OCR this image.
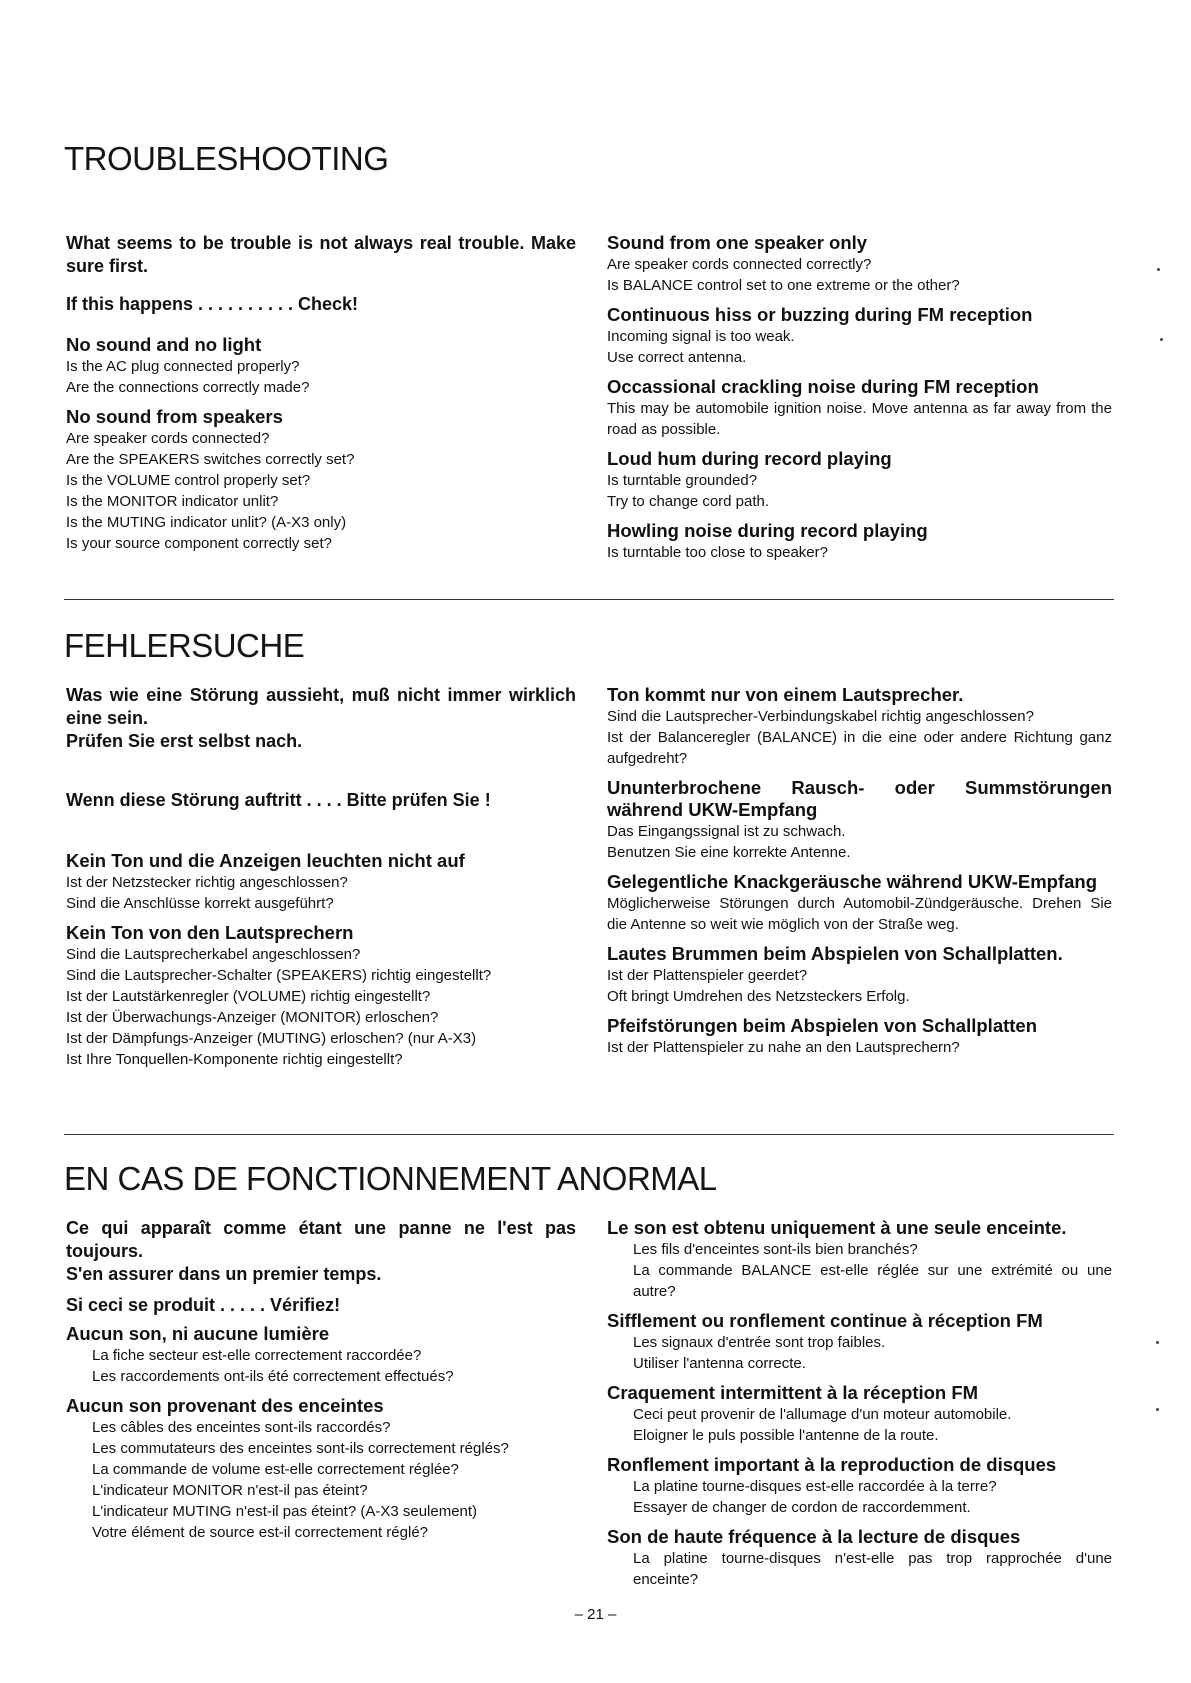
TROUBLESHOOTING

What seems to be trouble is not always real trouble. Make sure first.

If this happens . . . . . . . . . . Check!

No sound and no light

Is the AC plug connected properly?

Are the connections correctly made?

No sound from speakers

Are speaker cords connected?

Are the SPEAKERS switches correctly set?

Is the VOLUME control properly set?

Is the MONITOR indicator unlit?

Is the MUTING indicator unlit? (A-X3 only)

Is your source component correctly set?

Sound from one speaker only

Are speaker cords connected correctly?

Is BALANCE control set to one extreme or the other?

Continuous hiss or buzzing during FM reception

Incoming signal is too weak.

Use correct antenna.

Occassional crackling noise during FM reception

This may be automobile ignition noise. Move antenna as far away from the road as possible.

Loud hum during record playing

Is turntable grounded?

Try to change cord path.

Howling noise during record playing

Is turntable too close to speaker?

FEHLERSUCHE

Was wie eine Störung aussieht, muß nicht immer wirklich eine sein.

Prüfen Sie erst selbst nach.

Wenn diese Störung auftritt . . . . Bitte prüfen Sie !

Kein Ton und die Anzeigen leuchten nicht auf

Ist der Netzstecker richtig angeschlossen?

Sind die Anschlüsse korrekt ausgeführt?

Kein Ton von den Lautsprechern

Sind die Lautsprecherkabel angeschlossen?

Sind die Lautsprecher-Schalter (SPEAKERS) richtig eingestellt?

Ist der Lautstärkenregler (VOLUME) richtig eingestellt?

Ist der Überwachungs-Anzeiger (MONITOR) erloschen?

Ist der Dämpfungs-Anzeiger (MUTING) erloschen? (nur A-X3)

Ist Ihre Tonquellen-Komponente richtig eingestellt?

Ton kommt nur von einem Lautsprecher.

Sind die Lautsprecher-Verbindungskabel richtig angeschlossen?

Ist der Balanceregler (BALANCE) in die eine oder andere Richtung ganz aufgedreht?

Ununterbrochene Rausch- oder Summstörungen während UKW-Empfang

Das Eingangssignal ist zu schwach.

Benutzen Sie eine korrekte Antenne.

Gelegentliche Knackgeräusche während UKW-Empfang

Möglicherweise Störungen durch Automobil-Zündgeräusche. Drehen Sie die Antenne so weit wie möglich von der Straße weg.

Lautes Brummen beim Abspielen von Schallplatten.

Ist der Plattenspieler geerdet?

Oft bringt Umdrehen des Netzsteckers Erfolg.

Pfeifstörungen beim Abspielen von Schallplatten

Ist der Plattenspieler zu nahe an den Lautsprechern?

EN CAS DE FONCTIONNEMENT ANORMAL

Ce qui apparaît comme étant une panne ne l'est pas toujours.

S'en assurer dans un premier temps.

Si ceci se produit . . . . . Vérifiez!

Aucun son, ni aucune lumière

La fiche secteur est-elle correctement raccordée?

Les raccordements ont-ils été correctement effectués?

Aucun son provenant des enceintes

Les câbles des enceintes sont-ils raccordés?

Les commutateurs des enceintes sont-ils correctement réglés?

La commande de volume est-elle correctement réglée?

L'indicateur MONITOR n'est-il pas éteint?

L'indicateur MUTING n'est-il pas éteint? (A-X3 seulement)

Votre élément de source est-il correctement réglé?

Le son est obtenu uniquement à une seule enceinte.

Les fils d'enceintes sont-ils bien branchés?

La commande BALANCE est-elle réglée sur une extrémité ou une autre?

Sifflement ou ronflement continue à réception FM

Les signaux d'entrée sont trop faibles.

Utiliser l'antenna correcte.

Craquement intermittent à la réception FM

Ceci peut provenir de l'allumage d'un moteur automobile.

Eloigner le puls possible l'antenne de la route.

Ronflement important à la reproduction de disques

La platine tourne-disques est-elle raccordée à la terre?

Essayer de changer de cordon de raccordemment.

Son de haute fréquence à la lecture de disques

La platine tourne-disques n'est-elle pas trop rapprochée d'une enceinte?

– 21 –
